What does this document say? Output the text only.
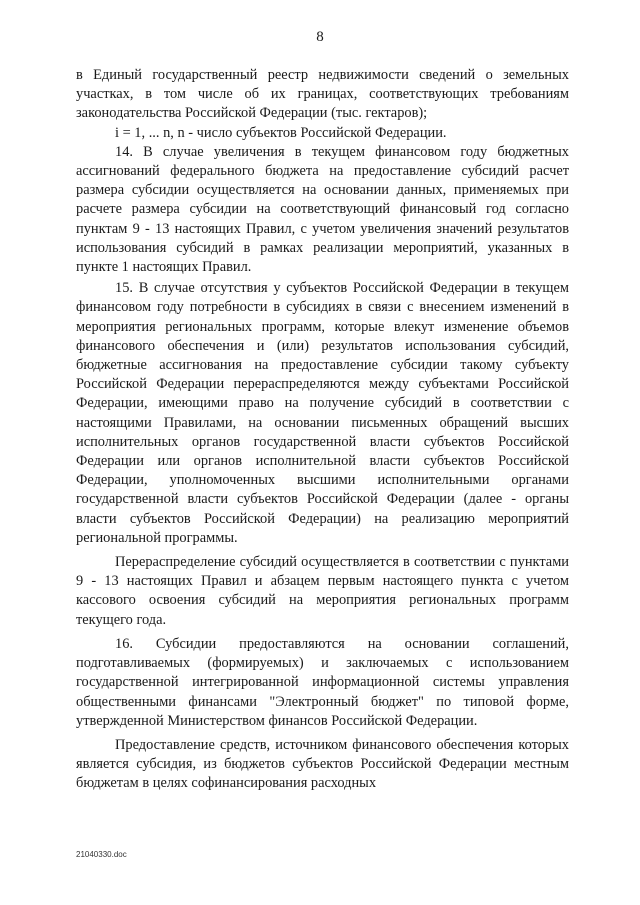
8

в Единый государственный реестр недвижимости сведений о земельных участках, в том числе об их границах, соответствующих требованиям законодательства Российской Федерации (тыс. гектаров);

i = 1, ... n, n - число субъектов Российской Федерации.

14. В случае увеличения в текущем финансовом году бюджетных ассигнований федерального бюджета на предоставление субсидий расчет размера субсидии осуществляется на основании данных, применяемых при расчете размера субсидии на соответствующий финансовый год согласно пунктам 9 - 13 настоящих Правил, с учетом увеличения значений результатов использования субсидий в рамках реализации мероприятий, указанных в пункте 1 настоящих Правил.

15. В случае отсутствия у субъектов Российской Федерации в текущем финансовом году потребности в субсидиях в связи с внесением изменений в мероприятия региональных программ, которые влекут изменение объемов финансового обеспечения и (или) результатов использования субсидий, бюджетные ассигнования на предоставление субсидии такому субъекту Российской Федерации перераспределяются между субъектами Российской Федерации, имеющими право на получение субсидий в соответствии с настоящими Правилами, на основании письменных обращений высших исполнительных органов государственной власти субъектов Российской Федерации или органов исполнительной власти субъектов Российской Федерации, уполномоченных высшими исполнительными органами государственной власти субъектов Российской Федерации (далее - органы власти субъектов Российской Федерации) на реализацию мероприятий региональной программы.

Перераспределение субсидий осуществляется в соответствии с пунктами 9 - 13 настоящих Правил и абзацем первым настоящего пункта с учетом кассового освоения субсидий на мероприятия региональных программ текущего года.

16. Субсидии предоставляются на основании соглашений, подготавливаемых (формируемых) и заключаемых с использованием государственной интегрированной информационной системы управления общественными финансами "Электронный бюджет" по типовой форме, утвержденной Министерством финансов Российской Федерации.

Предоставление средств, источником финансового обеспечения которых является субсидия, из бюджетов субъектов Российской Федерации местным бюджетам в целях софинансирования расходных

21040330.doc
